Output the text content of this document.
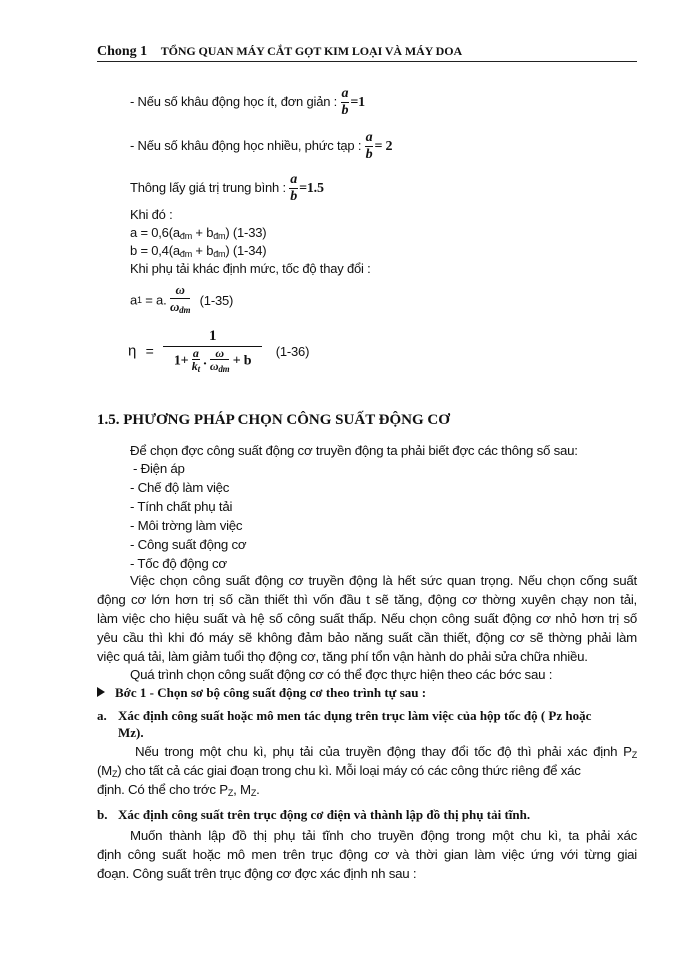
Chong 1 TỔNG QUAN MÁY CẮT GỌT KIM LOẠI VÀ MÁY DOA
- Nếu số khâu động học ít, đơn giản : $\frac{a}{b} =1$
- Nếu số khâu động học nhiều, phức tạp : $\frac{a}{b} = 2$
Thông lấy giá trị trung bình : $\frac{a}{b} =1.5$
Khi đó :
$a = 0,6(a_{đm} + b_{đm})$ (1-33)
$b = 0,4(a_{đm} + b_{đm})$ (1-34)
Khi phụ tải khác định mức, tốc độ thay đổi :
a1 = a. $\frac{\omega}{\omega_{dm}} (1-35)$
η =
1
$1+ \frac{a}{k_t}$ .
ω
$\omega_{dm}$
+ b
(1-36)
1.5. PHƯƠNG PHÁP CHỌN CÔNG SUẤT ĐỘNG CƠ
Để chọn đợc công suất động cơ truyền động ta phải biết đợc các thông số sau:
- Điện áp
- Chế độ làm việc
- Tính chất phụ tải
- Môi trờng làm việc
- Công suất động cơ
- Tốc độ động cơ
Việc chọn công suất động cơ truyền động là hết sức quan trọng. Nếu chọn cống suất
động cơ lớn hơn trị số cần thiết thì vốn đầu t sẽ tăng, động cơ thờng xuyên chạy non tải,
làm việc cho hiệu suất và hệ số công suất thấp. Nếu chọn công suất động cơ nhỏ hơn trị số
yêu cầu thì khi đó máy sẽ không đảm bảo năng suất cần thiết, động cơ sẽ thờng phải làm
việc quá tải, làm giảm tuổi thọ động cơ, tăng phí tổn vận hành do phải sửa chữa nhiều.
Quá trình chọn công suất động cơ có thể đợc thực hiện theo các bớc sau :
Bớc 1 - Chọn sơ bộ công suất động cơ theo trình tự sau :
a. Xác định công suất hoặc mô men tác dụng trên trục làm việc của hộp tốc độ ( Pz hoặc
Mz).
Nếu trong một chu kì, phụ tải của truyền động thay đổi tốc độ thì phải xác định $P_Z$
$(M_Z)$ cho tất cả các giai đoạn trong chu kì. Mỗi loại máy có các công thức riêng để xác
định. Có thể cho trớc $P_Z$, $M_Z$.
b. Xác định công suất trên trục động cơ điện và thành lập đồ thị phụ tải tĩnh.
Muốn thành lập đồ thị phụ tải tĩnh cho truyền động trong một chu kì, ta phải xác
định công suất hoặc mô men trên trục động cơ và thời gian làm việc ứng với từng giai
đoạn. Công suất trên trục động cơ đợc xác định nh sau :
